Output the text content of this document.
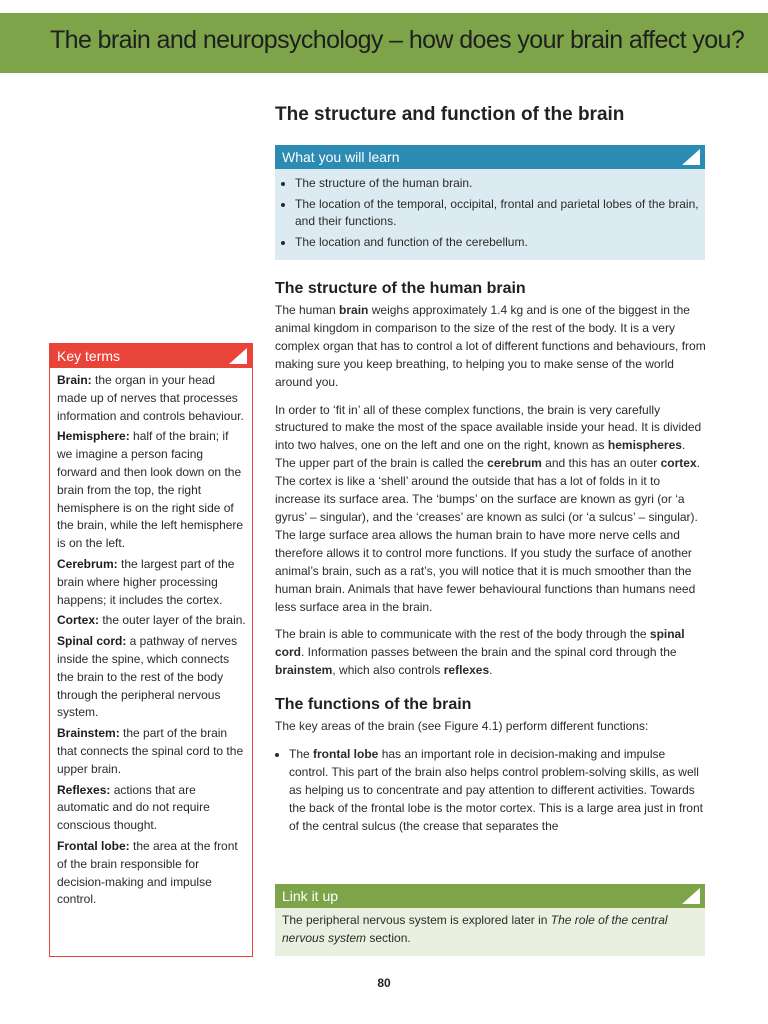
The brain and neuropsychology – how does your brain affect you?
The structure and function of the brain
What you will learn
• The structure of the human brain.
• The location of the temporal, occipital, frontal and parietal lobes of the brain, and their functions.
• The location and function of the cerebellum.
Key terms
Brain: the organ in your head made up of nerves that processes information and controls behaviour.
Hemisphere: half of the brain; if we imagine a person facing forward and then look down on the brain from the top, the right hemisphere is on the right side of the brain, while the left hemisphere is on the left.
Cerebrum: the largest part of the brain where higher processing happens; it includes the cortex.
Cortex: the outer layer of the brain.
Spinal cord: a pathway of nerves inside the spine, which connects the brain to the rest of the body through the peripheral nervous system.
Brainstem: the part of the brain that connects the spinal cord to the upper brain.
Reflexes: actions that are automatic and do not require conscious thought.
Frontal lobe: the area at the front of the brain responsible for decision-making and impulse control.
The structure of the human brain

The human brain weighs approximately 1.4 kg and is one of the biggest in the animal kingdom in comparison to the size of the rest of the body. It is a very complex organ that has to control a lot of different functions and behaviours, from making sure you keep breathing, to helping you to make sense of the world around you.

In order to ‘fit in’ all of these complex functions, the brain is very carefully structured to make the most of the space available inside your head. It is divided into two halves, one on the left and one on the right, known as hemispheres. The upper part of the brain is called the cerebrum and this has an outer cortex. The cortex is like a ‘shell’ around the outside that has a lot of folds in it to increase its surface area. The ‘bumps’ on the surface are known as gyri (or ‘a gyrus’ – singular), and the ‘creases’ are known as sulci (or ‘a sulcus’ – singular). The large surface area allows the human brain to have more nerve cells and therefore allows it to control more functions. If you study the surface of another animal’s brain, such as a rat’s, you will notice that it is much smoother than the human brain. Animals that have fewer behavioural functions than humans need less surface area in the brain.

The brain is able to communicate with the rest of the body through the spinal cord. Information passes between the brain and the spinal cord through the brainstem, which also controls reflexes.

The functions of the brain

The key areas of the brain (see Figure 4.1) perform different functions:

• The frontal lobe has an important role in decision-making and impulse control. This part of the brain also helps control problem-solving skills, as well as helping us to concentrate and pay attention to different activities. Towards the back of the frontal lobe is the motor cortex. This is a large area just in front of the central sulcus (the crease that separates the
Link it up
The peripheral nervous system is explored later in The role of the central nervous system section.
80
